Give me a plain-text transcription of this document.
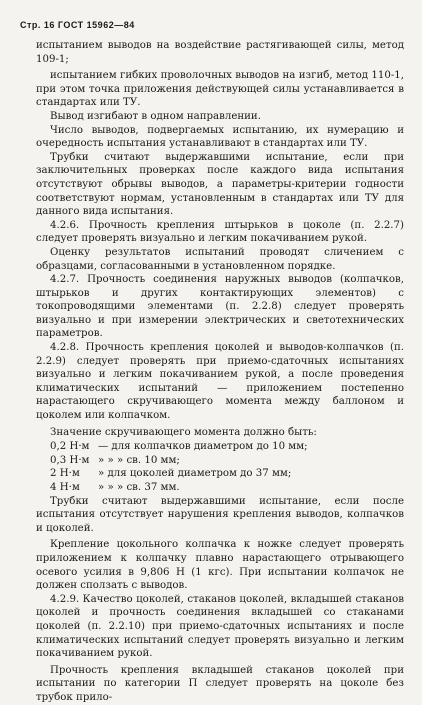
Стр. 16 ГОСТ 15962—84

испытанием выводов на воздействие растягивающей силы, метод 109-1;

испытанием гибких проволочных выводов на изгиб, метод 110-1, при этом точка приложения действующей силы устанавливается в стандартах или ТУ.

Вывод изгибают в одном направлении.

Число выводов, подвергаемых испытанию, их нумерацию и очередность испытания устанавливают в стандартах или ТУ.

Трубки считают выдержавшими испытание, если при заключительных проверках после каждого вида испытания отсутствуют обрывы выводов, а параметры-критерии годности соответствуют нормам, установленным в стандартах или ТУ для данного вида испытания.

4.2.6. Прочность крепления штырьков в цоколе (п. 2.2.7) следует проверять визуально и легким покачиванием рукой.

Оценку результатов испытаний проводят сличением с образцами, согласованными в установленном порядке.

4.2.7. Прочность соединения наружных выводов (колпачков, штырьков и других контактирующих элементов) с токопроводящими элементами (п. 2.2.8) следует проверять визуально и при измерении электрических и светотехнических параметров.

4.2.8. Прочность крепления цоколей и выводов-колпачков (п. 2.2.9) следует проверять при приемо-сдаточных испытаниях визуально и легким покачиванием рукой, а после проведения климатических испытаний — приложением постепенно нарастающего скручивающего момента между баллоном и цоколем или колпачком.

Значение скручивающего момента должно быть:

0,2 Н·м — для колпачков диаметром
до 10 мм;
0,3 Н·м » » »
св. 10 мм;
2 Н·м	» для цоколей диаметром
до 37 мм;
4 Н·м	» » »
св. 37 мм.

Трубки считают выдержавшими испытание, если после испытания отсутствует нарушения крепления выводов, колпачков и цоколей.

Крепление цокольного колпачка к ножке следует проверять приложением к колпачку плавно нарастающего отрывающего осевого усилия в 9,806 Н (1 кгс). При испытании колпачок не должен сползать с выводов.

4.2.9. Качество цоколей, стаканов цоколей, вкладышей стаканов цоколей и прочность соединения вкладышей со стаканами цоколей (п. 2.2.10) при приемо-сдаточных испытаниях и после климатических испытаний следует проверять визуально и легким покачиванием рукой.

Прочность крепления вкладышей стаканов цоколей при испытании по категории П следует проверять на цоколе без трубок прило-
